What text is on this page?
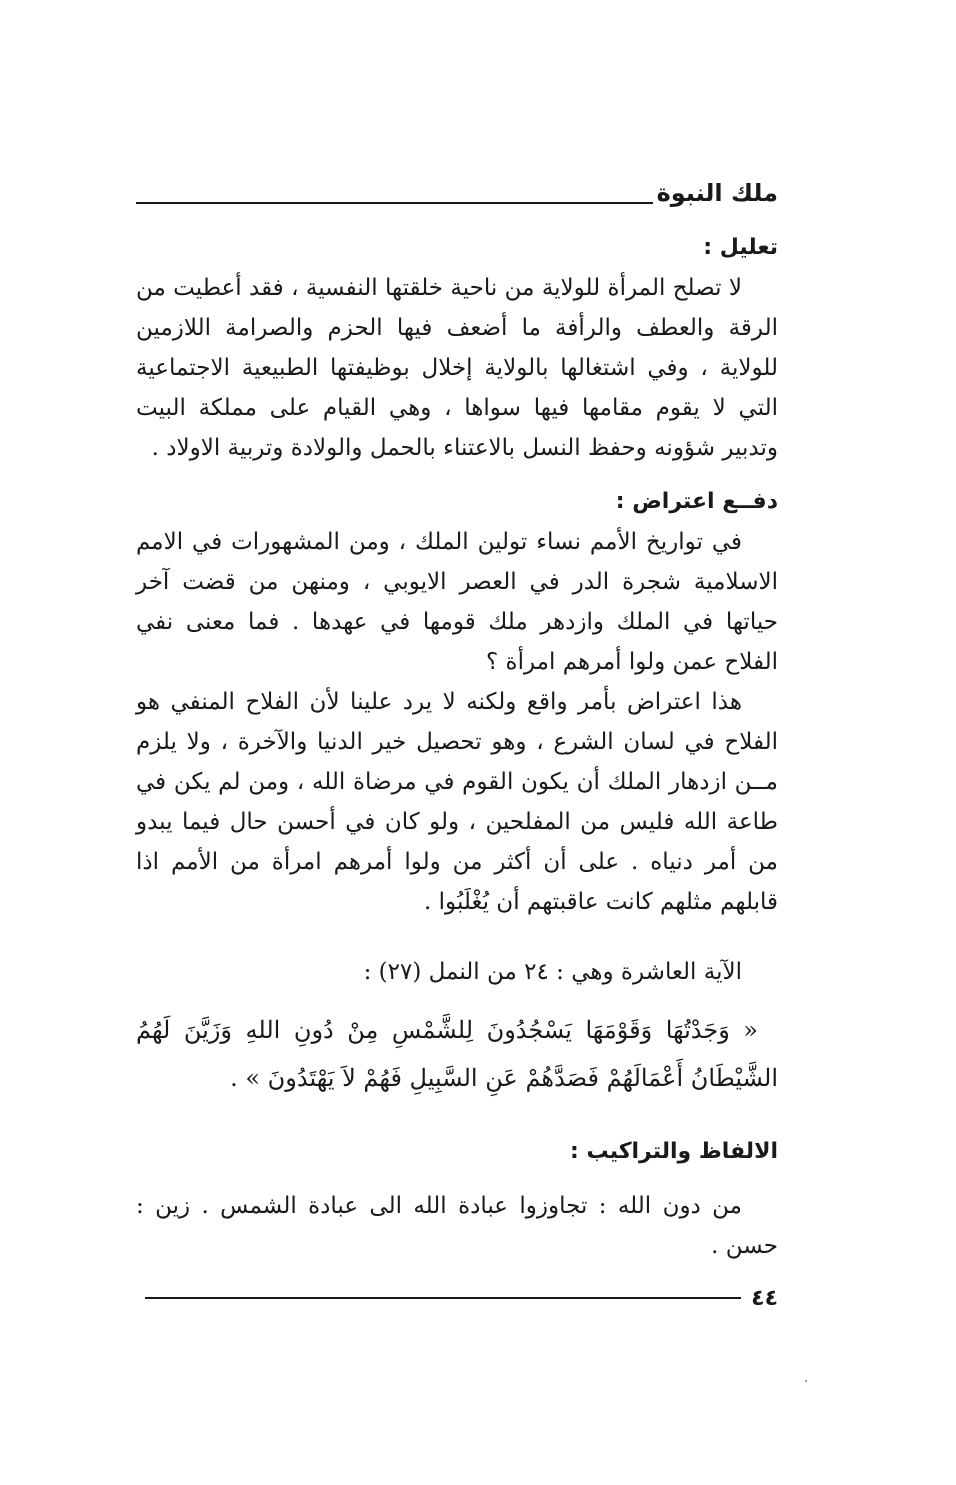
ملك النبوة

تعليل :

لا تصلح المرأة للولاية من ناحية خلقتها النفسية ، فقد أعطيت من الرقة والعطف والرأفة ما أضعف فيها الحزم والصرامة اللازمين للولاية ، وفي اشتغالها بالولاية إخلال بوظيفتها الطبيعية الاجتماعية التي لا يقوم مقامها فيها سواها ، وهي القيام على مملكة البيت وتدبير شؤونه وحفظ النسل بالاعتناء بالحمل والولادة وتربية الاولاد .

دفــع اعتراض :

في تواريخ الأمم نساء تولين الملك ، ومن المشهورات في الامم الاسلامية شجرة الدر في العصر الايوبي ، ومنهن من قضت آخر حياتها في الملك وازدهر ملك قومها في عهدها . فما معنى نفي الفلاح عمن ولوا أمرهم امرأة ؟

هذا اعتراض بأمر واقع ولكنه لا يرد علينا لأن الفلاح المنفي هو الفلاح في لسان الشرع ، وهو تحصيل خير الدنيا والآخرة ، ولا يلزم مــن ازدهار الملك أن يكون القوم في مرضاة الله ، ومن لم يكن في طاعة الله فليس من المفلحين ، ولو كان في أحسن حال فيما يبدو من أمر دنياه . على أن أكثر من ولوا أمرهم امرأة من الأمم اذا قابلهم مثلهم كانت عاقبتهم أن يُغْلَبُوا .

الآية العاشرة وهي : ٢٤ من النمل (٢٧) :

« وَجَدْتُهَا وَقَوْمَهَا يَسْجُدُونَ لِلشَّمْسِ مِنْ دُونِ اللهِ وَزَيَّنَ لَهُمُ الشَّيْطَانُ أَعْمَالَهُمْ فَصَدَّهُمْ عَنِ السَّبِيلِ فَهُمْ لاَ يَهْتَدُونَ » .

الالفاظ والتراكيب :

من دون الله : تجاوزوا عبادة الله الى عبادة الشمس . زين : حسن .

٤٤
